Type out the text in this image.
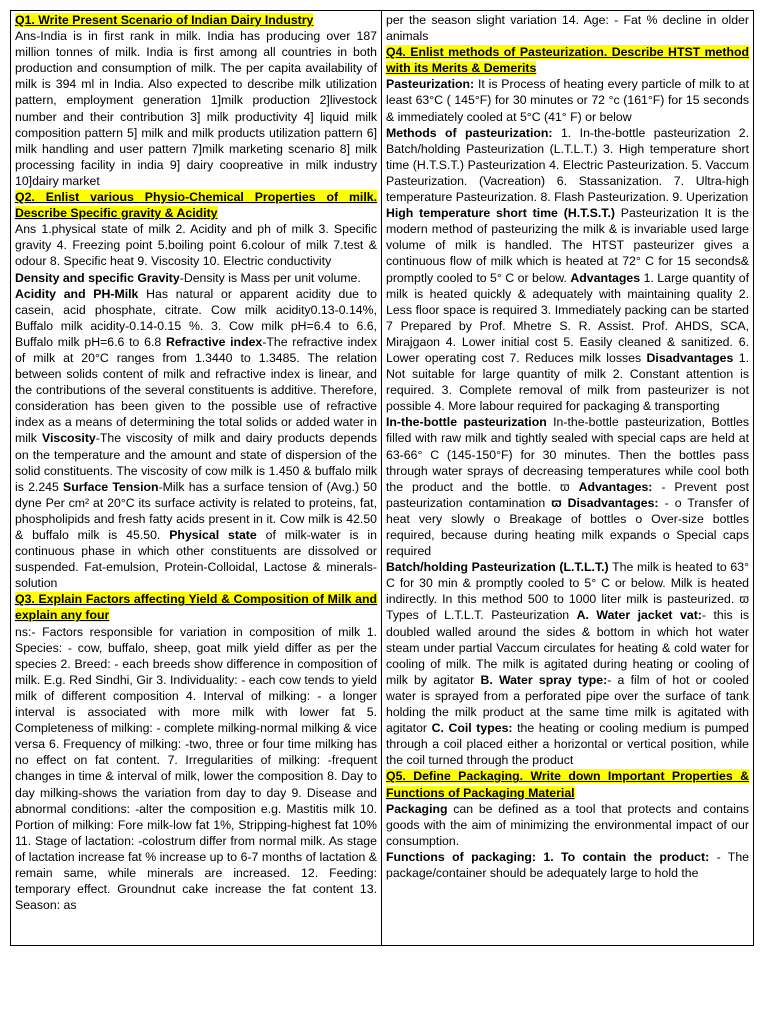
Q1. Write Present Scenario of Indian Dairy Industry
Ans-India is in first rank in milk. India has producing over 187 million tonnes of milk. India is first among all countries in both production and consumption of milk. The per capita availability of milk is 394 ml in India. Also expected to describe milk utilization pattern, employment generation 1]milk production 2]livestock number and their contribution 3] milk productivity 4] liquid milk composition pattern 5] milk and milk products utilization pattern 6] milk handling and user pattern 7]milk marketing scenario 8] milk processing facility in india 9] dairy coopreative in milk industry 10]dairy market

Q2. Enlist various Physio-Chemical Properties of milk. Describe Specific gravity & Acidity
Ans 1.physical state of milk 2. Acidity and ph of milk 3. Specific gravity 4. Freezing point 5.boiling point 6.colour of milk 7.test & odour 8. Specific heat 9. Viscosity 10. Electric conductivity

Density and specific Gravity-Density is Mass per unit volume.

Acidity and PH-Milk Has natural or apparent acidity due to casein, acid phosphate, citrate. Cow milk acidity0.13-0.14%, Buffalo milk acidity-0.14-0.15 %. 3. Cow milk pH=6.4 to 6.6, Buffalo milk pH=6.6 to 6.8 Refractive index-The refractive index of milk at 20°C ranges from 1.3440 to 1.3485. The relation between solids content of milk and refractive index is linear, and the contributions of the several constituents is additive. Therefore, consideration has been given to the possible use of refractive index as a means of determining the total solids or added water in milk Viscosity-The viscosity of milk and dairy products depends on the temperature and the amount and state of dispersion of the solid constituents. The viscosity of cow milk is 1.450 & buffalo milk is 2.245 Surface Tension-Milk has a surface tension of (Avg.) 50 dyne Per cm² at 20°C its surface activity is related to proteins, fat, phospholipids and fresh fatty acids present in it. Cow milk is 42.50 & buffalo milk is 45.50. Physical state of milk-water is in continuous phase in which other constituents are dissolved or suspended. Fat-emulsion, Protein-Colloidal, Lactose & minerals-solution

Q3. Explain Factors affecting Yield & Composition of Milk and explain any four
ns:- Factors responsible for variation in composition of milk 1. Species: - cow, buffalo, sheep, goat milk yield differ as per the species 2. Breed: - each breeds show difference in composition of milk. E.g. Red Sindhi, Gir 3. Individuality: - each cow tends to yield milk of different composition 4. Interval of milking: - a longer interval is associated with more milk with lower fat 5. Completeness of milking: - complete milking-normal milking & vice versa 6. Frequency of milking: -two, three or four time milking has no effect on fat content. 7. Irregularities of milking: -frequent changes in time & interval of milk, lower the composition 8. Day to day milking-shows the variation from day to day 9. Disease and abnormal conditions: -alter the composition e.g. Mastitis milk 10. Portion of milking: Fore milk-low fat 1%, Stripping-highest fat 10% 11. Stage of lactation: -colostrum differ from normal milk. As stage of lactation increase fat % increase up to 6-7 months of lactation & remain same, while minerals are increased. 12. Feeding: temporary effect. Groundnut cake increase the fat content 13. Season: as

per the season slight variation 14. Age: - Fat % decline in older animals

Q4. Enlist methods of Pasteurization. Describe HTST method with its Merits & Demerits
Pasteurization: It is Process of heating every particle of milk to at least 63°C ( 145°F) for 30 minutes or 72 °c (161°F) for 15 seconds & immediately cooled at 5°C (41° F) or below

Methods of pasteurization: 1. In-the-bottle pasteurization 2. Batch/holding Pasteurization (L.T.L.T.) 3. High temperature short time (H.T.S.T.) Pasteurization 4. Electric Pasteurization. 5. Vaccum Pasteurization. (Vacreation) 6. Stassanization. 7. Ultra-high temperature Pasteurization. 8. Flash Pasteurization. 9. Uperization

High temperature short time (H.T.S.T.) Pasteurization It is the modern method of pasteurizing the milk & is invariable used large volume of milk is handled. The HTST pasteurizer gives a continuous flow of milk which is heated at 72° C for 15 seconds& promptly cooled to 5° C or below. Advantages 1. Large quantity of milk is heated quickly & adequately with maintaining quality 2. Less floor space is required 3. Immediately packing can be started 7 Prepared by Prof. Mhetre S. R. Assist. Prof. AHDS, SCA, Mirajgaon 4. Lower initial cost 5. Easily cleaned & sanitized. 6. Lower operating cost 7. Reduces milk losses Disadvantages 1. Not suitable for large quantity of milk 2. Constant attention is required. 3. Complete removal of milk from pasteurizer is not possible 4. More labour required for packaging & transporting

In-the-bottle pasteurization In-the-bottle pasteurization, Bottles filled with raw milk and tightly sealed with special caps are held at 63-66° C (145-150°F) for 30 minutes. Then the bottles pass through water sprays of decreasing temperatures while cool both the product and the bottle. ϖ Advantages: - Prevent post pasteurization contamination ϖ Disadvantages: - o Transfer of heat very slowly o Breakage of bottles o Over-size bottles required, because during heating milk expands o Special caps required

Batch/holding Pasteurization (L.T.L.T.) The milk is heated to 63° C for 30 min & promptly cooled to 5° C or below. Milk is heated indirectly. In this method 500 to 1000 liter milk is pasteurized. ϖ Types of L.T.L.T. Pasteurization A. Water jacket vat:- this is doubled walled around the sides & bottom in which hot water steam under partial Vaccum circulates for heating & cold water for cooling of milk. The milk is agitated during heating or cooling of milk by agitator B. Water spray type:- a film of hot or cooled water is sprayed from a perforated pipe over the surface of tank holding the milk product at the same time milk is agitated with agitator C. Coil types: the heating or cooling medium is pumped through a coil placed either a horizontal or vertical position, while the coil turned through the product

Q5. Define Packaging. Write down Important Properties & Functions of Packaging Material
Packaging can be defined as a tool that protects and contains goods with the aim of minimizing the environmental impact of our consumption.

Functions of packaging: 1. To contain the product: - The package/container should be adequately large to hold the
